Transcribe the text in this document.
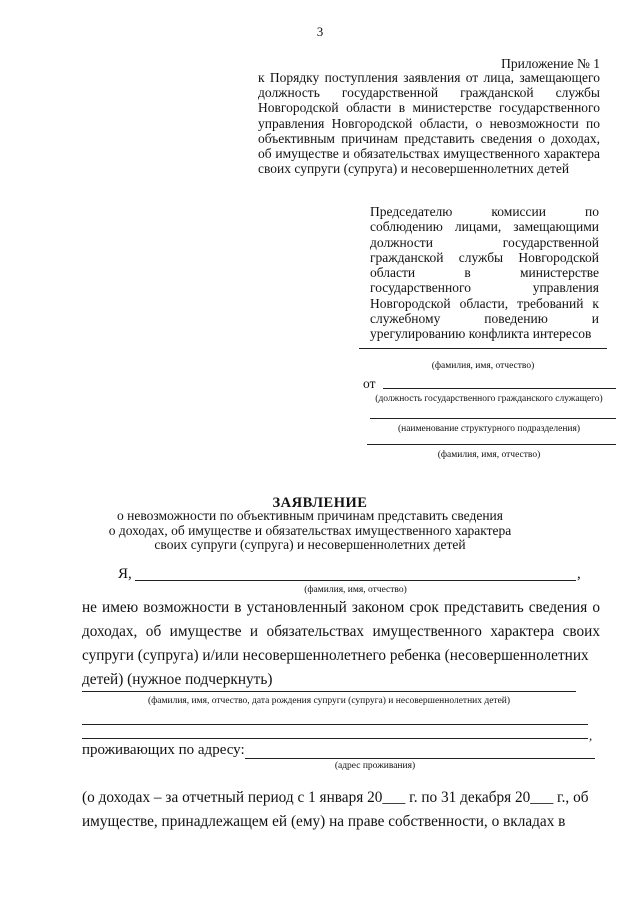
3
Приложение № 1
к Порядку поступления заявления от лица, замещающего должность государственной гражданской службы Новгородской области в министерстве государственного управления Новгородской области, о невозможности по объективным причинам представить сведения о доходах, об имуществе и обязательствах имущественного характера своих супруги (супруга) и несовершеннолетних детей
Председателю комиссии по соблюдению лицами, замещающими должности государственной гражданской службы Новгородской области в министерстве государственного управления Новгородской области, требований к служебному поведению и урегулированию конфликта интересов
(фамилия, имя, отчество)
от
(должность государственного гражданского служащего)
(наименование структурного подразделения)
(фамилия, имя, отчество)
ЗАЯВЛЕНИЕ
о невозможности по объективным причинам представить сведения
о доходах, об имуществе и обязательствах имущественного характера
своих супруги (супруга) и несовершеннолетних детей
Я,	,
(фамилия, имя, отчество)
не имею возможности в установленный законом срок представить сведения о доходах, об имуществе и обязательствах имущественного характера своих супруги (супруга) и/или несовершеннолетнего ребенка (несовершеннолетних
детей) (нужное подчеркнуть)
(фамилия, имя, отчество, дата рождения супруги (супруга) и несовершеннолетних детей)
,
проживающих по адресу:
(адрес проживания)
(о доходах – за отчетный период с 1 января 20___ г. по 31 декабря 20___ г., об
имуществе, принадлежащем ей (ему) на праве собственности, о вкладах в
